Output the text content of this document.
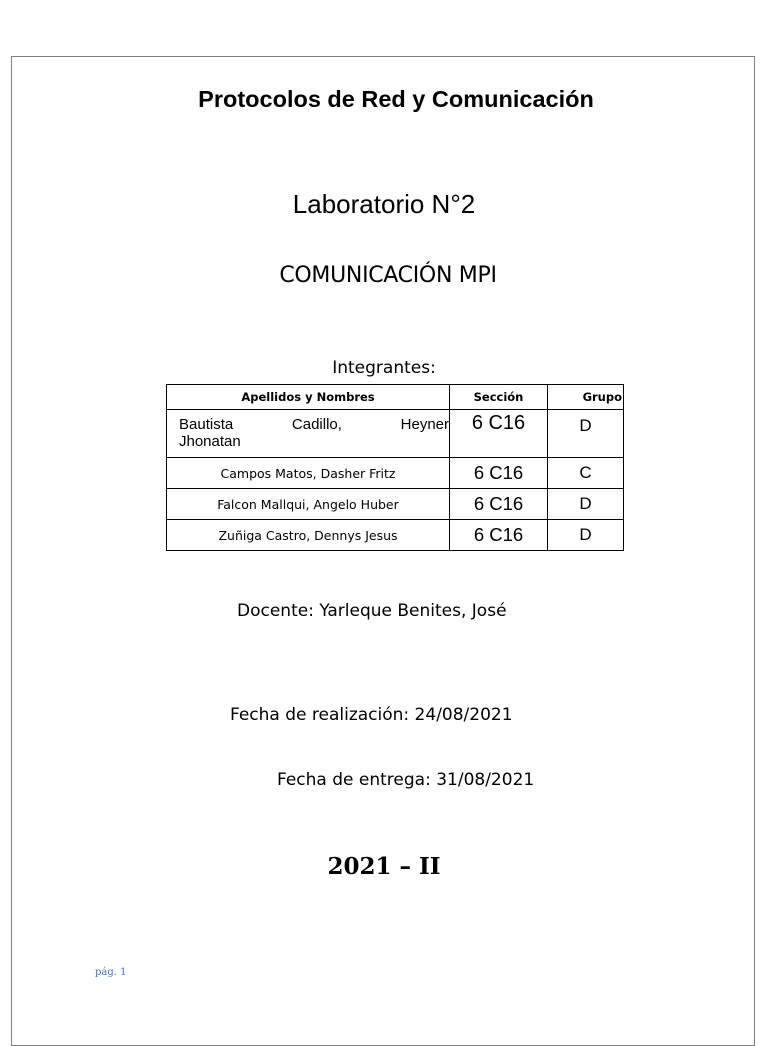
Protocolos de Red y Comunicación
Laboratorio N°2
COMUNICACIÓN MPI
Integrantes:
Apellidos y Nombres	Sección	Grupo

Bautista Cadillo, Heyner
Jhonatan	6 C16	D
Campos Matos, Dasher Fritz	6 C16	C
Falcon Mallqui, Angelo Huber	6 C16	D
Zuñiga Castro, Dennys Jesus	6 C16	D
Docente: Yarleque Benites, José
Fecha de realización: 24/08/2021
Fecha de entrega: 31/08/2021
2021 – II
pág. 1
